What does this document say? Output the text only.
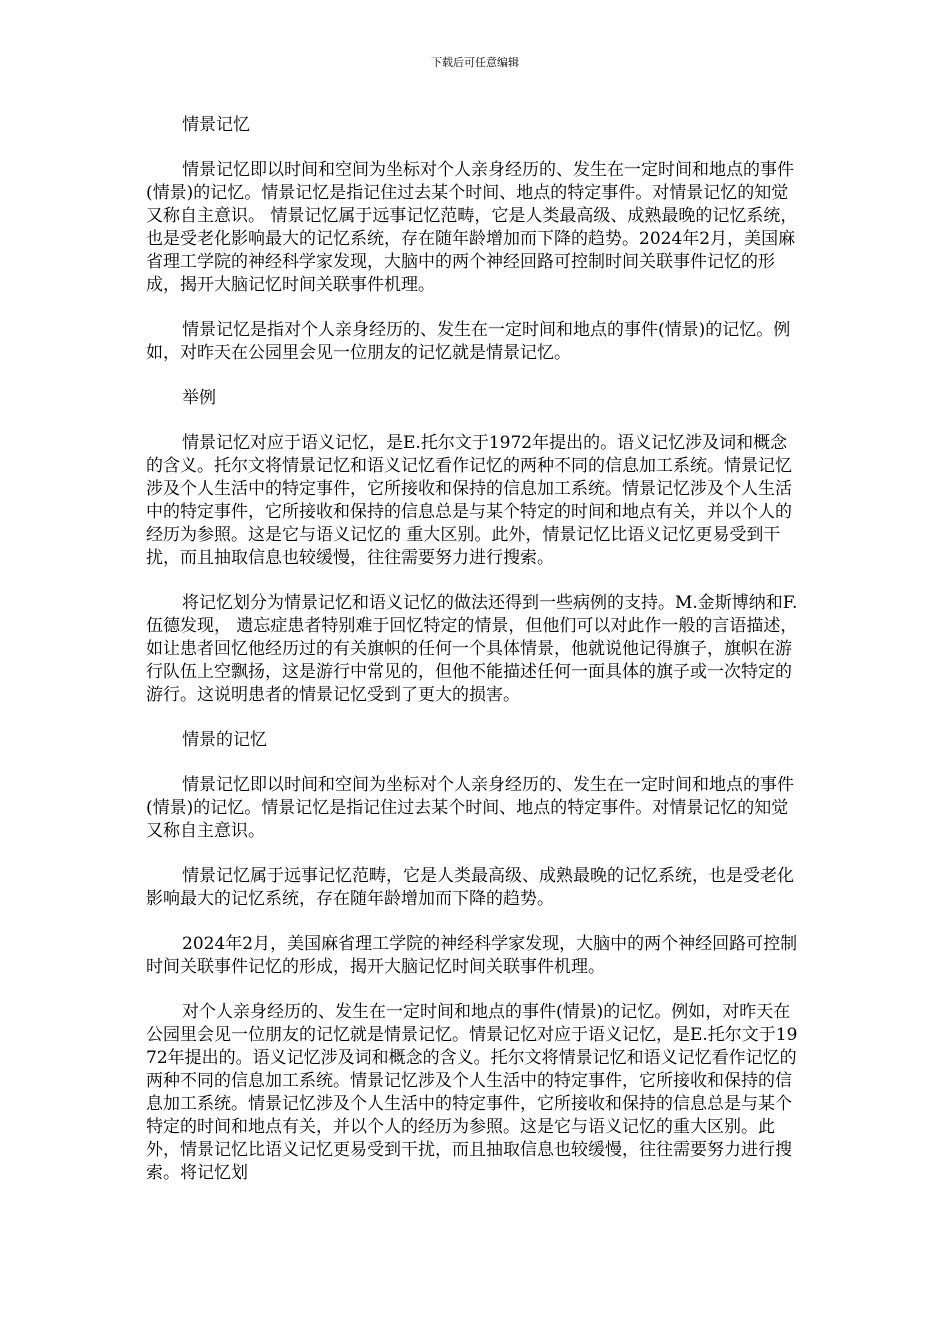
下载后可任意编辑

情景记忆

情景记忆即以时间和空间为坐标对个人亲身经历的、发生在一定时间和地点的事件(情景)的记忆。情景记忆是指记住过去某个时间、地点的特定事件。对情景记忆的知觉又称自主意识。 情景记忆属于远事记忆范畴，它是人类最高级、成熟最晚的记忆系统，也是受老化影响最大的记忆系统，存在随年龄增加而下降的趋势。2024年2月，美国麻省理工学院的神经科学家发现，大脑中的两个神经回路可控制时间关联事件记忆的形成，揭开大脑记忆时间关联事件机理。

情景记忆是指对个人亲身经历的、发生在一定时间和地点的事件(情景)的记忆。例如，对昨天在公园里会见一位朋友的记忆就是情景记忆。

举例

情景记忆对应于语义记忆，是E.托尔文于1972年提出的。语义记忆涉及词和概念的含义。托尔文将情景记忆和语义记忆看作记忆的两种不同的信息加工系统。情景记忆涉及个人生活中的特定事件，它所接收和保持的信息加工系统。情景记忆涉及个人生活中的特定事件，它所接收和保持的信息总是与某个特定的时间和地点有关，并以个人的经历为参照。这是它与语义记忆的 重大区别。此外，情景记忆比语义记忆更易受到干扰，而且抽取信息也较缓慢，往往需要努力进行搜索。

将记忆划分为情景记忆和语义记忆的做法还得到一些病例的支持。M.金斯博纳和F.伍德发现， 遗忘症患者特别难于回忆特定的情景，但他们可以对此作一般的言语描述，如让患者回忆他经历过的有关旗帜的任何一个具体情景，他就说他记得旗子，旗帜在游行队伍上空飘扬，这是游行中常见的，但他不能描述任何一面具体的旗子或一次特定的游行。这说明患者的情景记忆受到了更大的损害。

情景的记忆

情景记忆即以时间和空间为坐标对个人亲身经历的、发生在一定时间和地点的事件(情景)的记忆。情景记忆是指记住过去某个时间、地点的特定事件。对情景记忆的知觉又称自主意识。

情景记忆属于远事记忆范畴，它是人类最高级、成熟最晚的记忆系统，也是受老化影响最大的记忆系统，存在随年龄增加而下降的趋势。

2024年2月，美国麻省理工学院的神经科学家发现，大脑中的两个神经回路可控制时间关联事件记忆的形成，揭开大脑记忆时间关联事件机理。

对个人亲身经历的、发生在一定时间和地点的事件(情景)的记忆。例如，对昨天在公园里会见一位朋友的记忆就是情景记忆。情景记忆对应于语义记忆，是E.托尔文于1972年提出的。语义记忆涉及词和概念的含义。托尔文将情景记忆和语义记忆看作记忆的两种不同的信息加工系统。情景记忆涉及个人生活中的特定事件，它所接收和保持的信息加工系统。情景记忆涉及个人生活中的特定事件，它所接收和保持的信息总是与某个特定的时间和地点有关，并以个人的经历为参照。这是它与语义记忆的重大区别。此外，情景记忆比语义记忆更易受到干扰，而且抽取信息也较缓慢，往往需要努力进行搜索。将记忆划
